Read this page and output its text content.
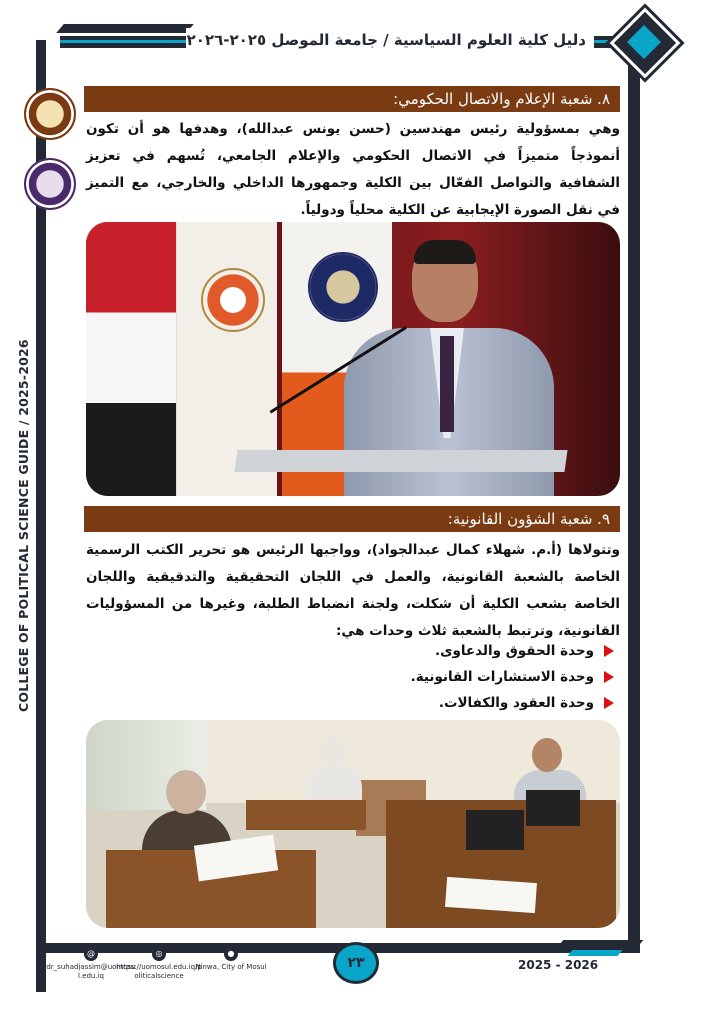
دليل كلية العلوم السياسية / جامعة الموصل ٢٠٢٥-٢٠٢٦
COLLEGE OF POLITICAL SCIENCE GUIDE / 2025-2026
٨. شعبة الإعلام والاتصال الحكومي:
وهي بمسؤولية رئيس مهندسين (حسن يونس عبدالله)، وهدفها هو أن تكون أنموذجاً متميزاً في الاتصال الحكومي والإعلام الجامعي، تُسهم في تعزيز الشفافية والتواصل الفعّال بين الكلية وجمهورها الداخلي والخارجي، مع التميز في نقل الصورة الإيجابية عن الكلية محلياً ودولياً.
٩. شعبة الشؤون القانونية:
وتتولاها (أ.م. شهلاء كمال عبدالجواد)، وواجبها الرئيس هو تحرير الكتب الرسمية الخاصة بالشعبة القانونية، والعمل في اللجان التحقيقية والتدقيقية واللجان الخاصة بشعب الكلية أن شكلت، ولجنة انضباط الطلبة، وغيرها من المسؤوليات القانونية، وترتبط بالشعبة ثلاث وحدات هي:
وحدة الحقوق والدعاوى.
وحدة الاستشارات القانونية.
وحدة العقود والكفالات.
@
dr_suhadjassim@uomosul.edu.iq
◎
https://uomosul.edu.iq/politicalscience
●
Ninwa, City of Mosul	٢٣	2025 - 2026
